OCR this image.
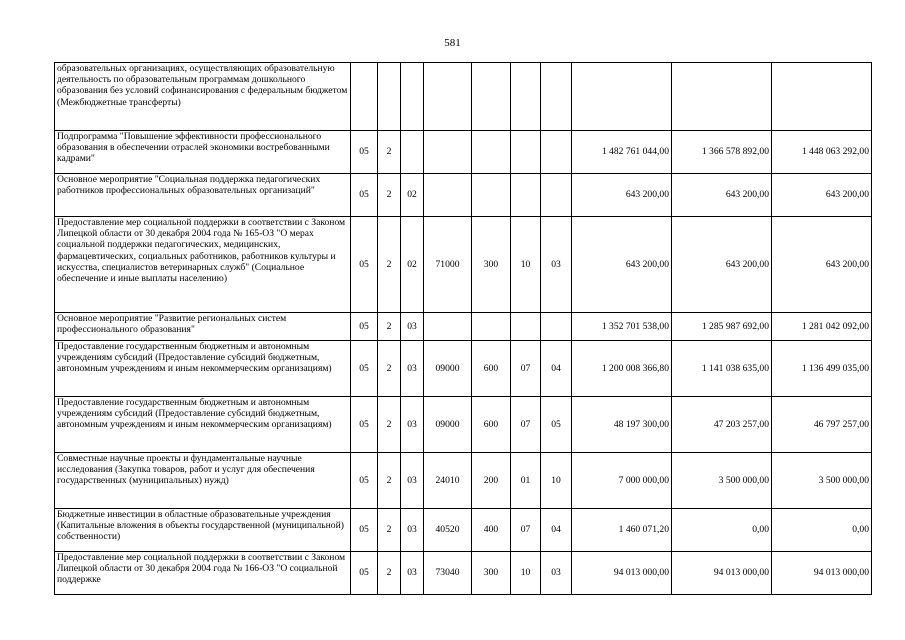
581
образовательных организациях, осуществляющих образовательную деятельность по образовательным программам дошкольного образования без условий софинансирования с федеральным бюджетом (Межбюджетные трансферты)										
Подпрограмма "Повышение эффективности профессионального образования в обеспечении отраслей экономики востребованными кадрами"	05	2						1 482 761 044,00	1 366 578 892,00	1 448 063 292,00
Основное мероприятие "Социальная поддержка педагогических работников профессиональных образовательных организаций"	05	2	02					643 200,00	643 200,00	643 200,00
Предоставление мер социальной поддержки в соответствии с Законом Липецкой области от 30 декабря 2004 года № 165-ОЗ "О мерах социальной поддержки педагогических, медицинских, фармацевтических, социальных работников, работников культуры и искусства, специалистов ветеринарных служб" (Социальное обеспечение и иные выплаты населению)	05	2	02	71000	300	10	03	643 200,00	643 200,00	643 200,00
Основное мероприятие "Развитие региональных систем профессионального образования"	05	2	03					1 352 701 538,00	1 285 987 692,00	1 281 042 092,00
Предоставление государственным бюджетным и автономным учреждениям субсидий (Предоставление субсидий бюджетным, автономным учреждениям и иным некоммерческим организациям)	05	2	03	09000	600	07	04	1 200 008 366,80	1 141 038 635,00	1 136 499 035,00
Предоставление государственным бюджетным и автономным учреждениям субсидий (Предоставление субсидий бюджетным, автономным учреждениям и иным некоммерческим организациям)	05	2	03	09000	600	07	05	48 197 300,00	47 203 257,00	46 797 257,00
Совместные научные проекты и фундаментальные научные исследования (Закупка товаров, работ и услуг для обеспечения государственных (муниципальных) нужд)	05	2	03	24010	200	01	10	7 000 000,00	3 500 000,00	3 500 000,00
Бюджетные инвестиции в областные образовательные учреждения (Капитальные вложения в объекты государственной (муниципальной) собственности)	05	2	03	40520	400	07	04	1 460 071,20	0,00	0,00
Предоставление мер социальной поддержки в соответствии с Законом Липецкой области от 30 декабря 2004 года № 166-ОЗ "О социальной поддержке	05	2	03	73040	300	10	03	94 013 000,00	94 013 000,00	94 013 000,00
